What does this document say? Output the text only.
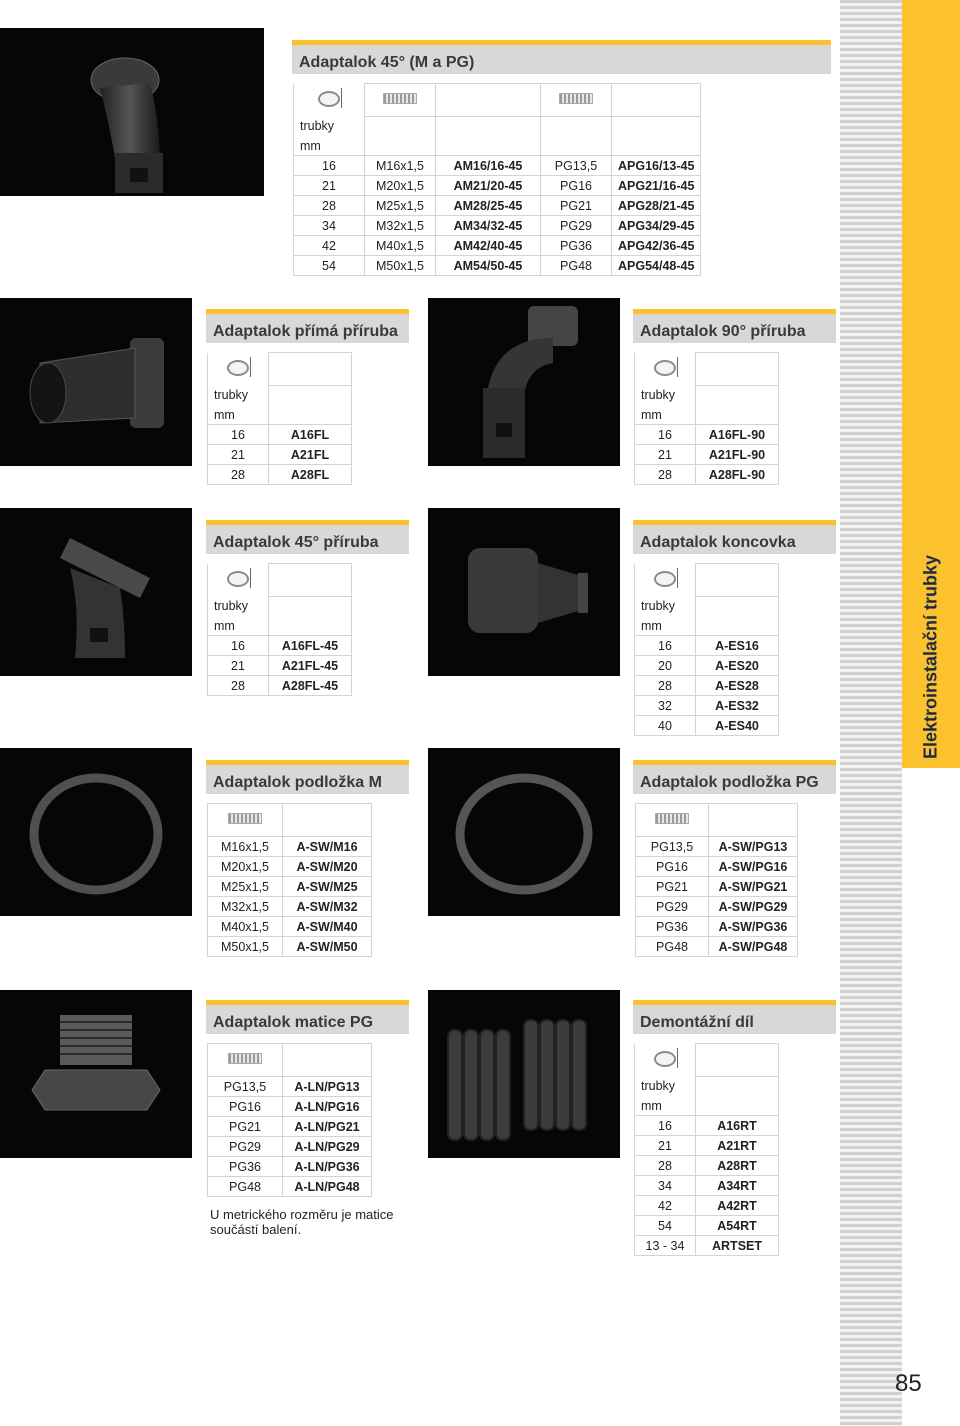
Elektroinstalační trubky
85
Adaptalok 45° (M a PG)

trubky				
mm				
16	M16x1,5	AM16/16-45	PG13,5	APG16/13-45
21	M20x1,5	AM21/20-45	PG16	APG21/16-45
28	M25x1,5	AM28/25-45	PG21	APG28/21-45
34	M32x1,5	AM34/32-45	PG29	APG34/29-45
42	M40x1,5	AM42/40-45	PG36	APG42/36-45
54	M50x1,5	AM54/50-45	PG48	APG54/48-45
Adaptalok přímá příruba

trubky	
mm	
16	A16FL
21	A21FL
28	A28FL
Adaptalok 90° příruba

trubky	
mm	
16	A16FL-90
21	A21FL-90
28	A28FL-90
Adaptalok 45° příruba

trubky	
mm	
16	A16FL-45
21	A21FL-45
28	A28FL-45
Adaptalok koncovka

trubky	
mm	
16	A-ES16
20	A-ES20
28	A-ES28
32	A-ES32
40	A-ES40
Adaptalok podložka M

M16x1,5	A-SW/M16
M20x1,5	A-SW/M20
M25x1,5	A-SW/M25
M32x1,5	A-SW/M32
M40x1,5	A-SW/M40
M50x1,5	A-SW/M50
Adaptalok podložka PG

PG13,5	A-SW/PG13
PG16	A-SW/PG16
PG21	A-SW/PG21
PG29	A-SW/PG29
PG36	A-SW/PG36
PG48	A-SW/PG48
Adaptalok matice PG

PG13,5	A-LN/PG13
PG16	A-LN/PG16
PG21	A-LN/PG21
PG29	A-LN/PG29
PG36	A-LN/PG36
PG48	A-LN/PG48
U metrického rozměru je matice součástí balení.
Demontážní díl

trubky	
mm	
16	A16RT
21	A21RT
28	A28RT
34	A34RT
42	A42RT
54	A54RT
13 - 34	ARTSET
